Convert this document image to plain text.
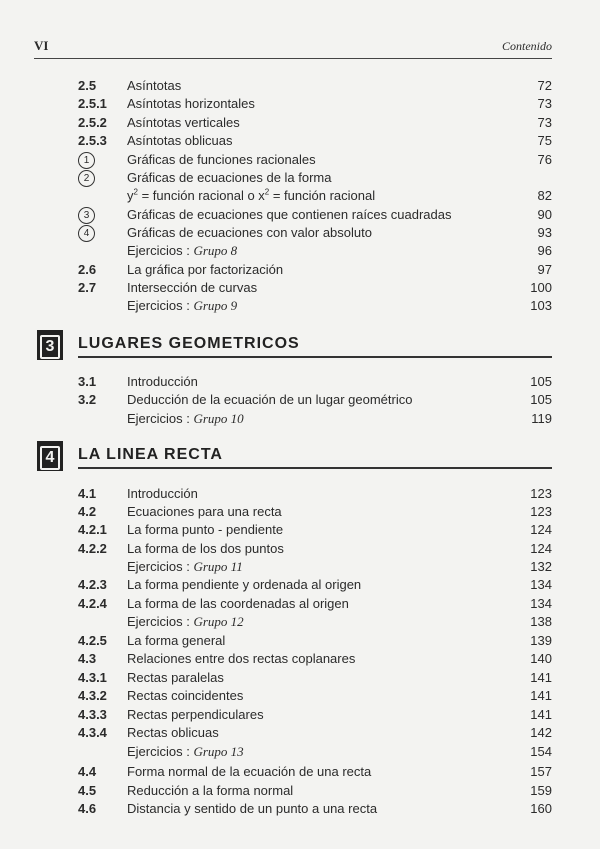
VI	Contenido
2.5 Asíntotas	72
2.5.1 Asíntotas horizontales	73
2.5.2 Asíntotas verticales	73
2.5.3 Asíntotas oblicuas	75
1	Gráficas de funciones racionales	76
2	Gráficas de ecuaciones de la forma
$y^2$ = función racional o $x^2$ = función racional	82
3	Gráficas de ecuaciones que contienen raíces cuadradas	90
4	Gráficas de ecuaciones con valor absoluto	93
Ejercicios : Grupo 8	96
2.6 La gráfica por factorización	97
2.7 Intersección de curvas	100
Ejercicios : Grupo 9	103
3	LUGARES GEOMETRICOS
3.1 Introducción	105
3.2 Deducción de la ecuación de un lugar geométrico	105
Ejercicios : Grupo 10	119
4	LA LINEA RECTA
4.1 Introducción	123
4.2 Ecuaciones para una recta	123
4.2.1 La forma punto - pendiente	124
4.2.2 La forma de los dos puntos	124
Ejercicios : Grupo 11	132
4.2.3 La forma pendiente y ordenada al origen	134
4.2.4 La forma de las coordenadas al origen	134
Ejercicios : Grupo 12	138
4.2.5 La forma general	139
4.3 Relaciones entre dos rectas coplanares	140
4.3.1 Rectas paralelas	141
4.3.2 Rectas coincidentes	141
4.3.3 Rectas perpendiculares	141
4.3.4 Rectas oblicuas	142
Ejercicios : Grupo 13	154
4.4 Forma normal de la ecuación de una recta	157
4.5 Reducción a la forma normal	159
4.6 Distancia y sentido de un punto a una recta	160
